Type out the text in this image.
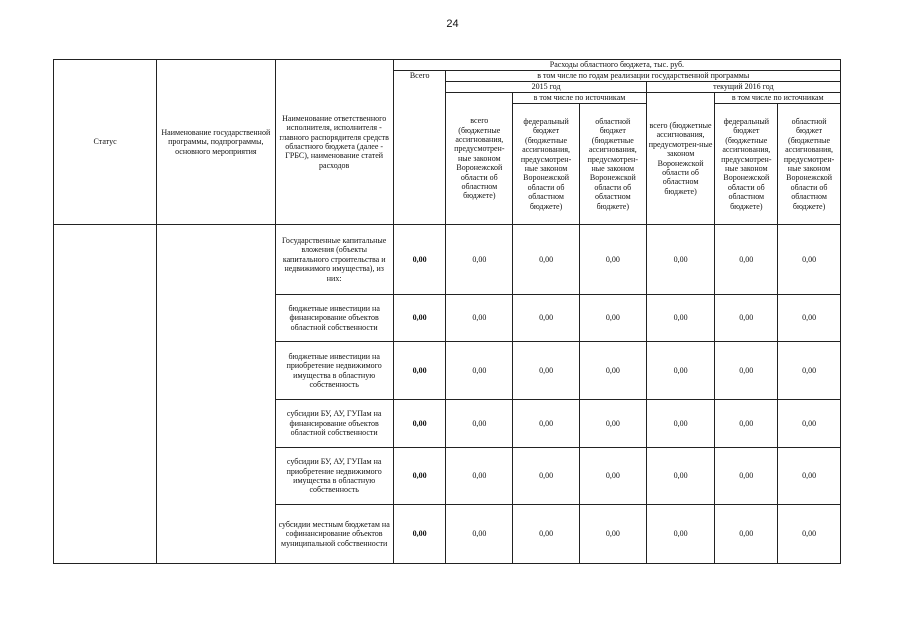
24
Статус	Наименование государственной программы, подпрограммы, основного мероприятия	Наименование ответственного исполнителя, исполнителя - главного распорядителя средств областного бюджета (далее - ГРБС), наименование статей расходов	Расходы областного бюджета, тыс. руб.						
			Всего	в том числе по годам реализации государственной программы					
				2015 год			текущий 2016 год		
				всего (бюджетные ассигнования, предусмотрен-ные законом Воронежской области об областном бюджете)	в том числе по источникам		всего (бюджетные ассигнования, предусмотрен-ные законом Воронежской области об областном бюджете)	в том числе по источникам	
					федеральный бюджет (бюджетные ассигнования, предусмотрен-ные законом Воронежской области об областном бюджете)	областной бюджет (бюджетные ассигнования, предусмотрен-ные законом Воронежской области об областном бюджете)		федеральный бюджет (бюджетные ассигнования, предусмотрен-ные законом Воронежской области об областном бюджете)	областной бюджет (бюджетные ассигнования, предусмотрен-ные законом Воронежской области об областном бюджете)
		Государственные капитальные вложения (объекты капитального строительства и недвижимого имущества), из них:	0,00	0,00	0,00	0,00	0,00	0,00	0,00
		бюджетные инвестиции на финансирование объектов областной собственности	0,00	0,00	0,00	0,00	0,00	0,00	0,00
		бюджетные инвестиции на приобретение недвижимого имущества в областную собственность	0,00	0,00	0,00	0,00	0,00	0,00	0,00
		субсидии БУ, АУ, ГУПам на финансирование объектов областной собственности	0,00	0,00	0,00	0,00	0,00	0,00	0,00
		субсидии БУ, АУ, ГУПам на приобретение недвижимого имущества в областную собственность	0,00	0,00	0,00	0,00	0,00	0,00	0,00
		субсидии местным бюджетам на софинансирование объектов муниципальной собственности	0,00	0,00	0,00	0,00	0,00	0,00	0,00
